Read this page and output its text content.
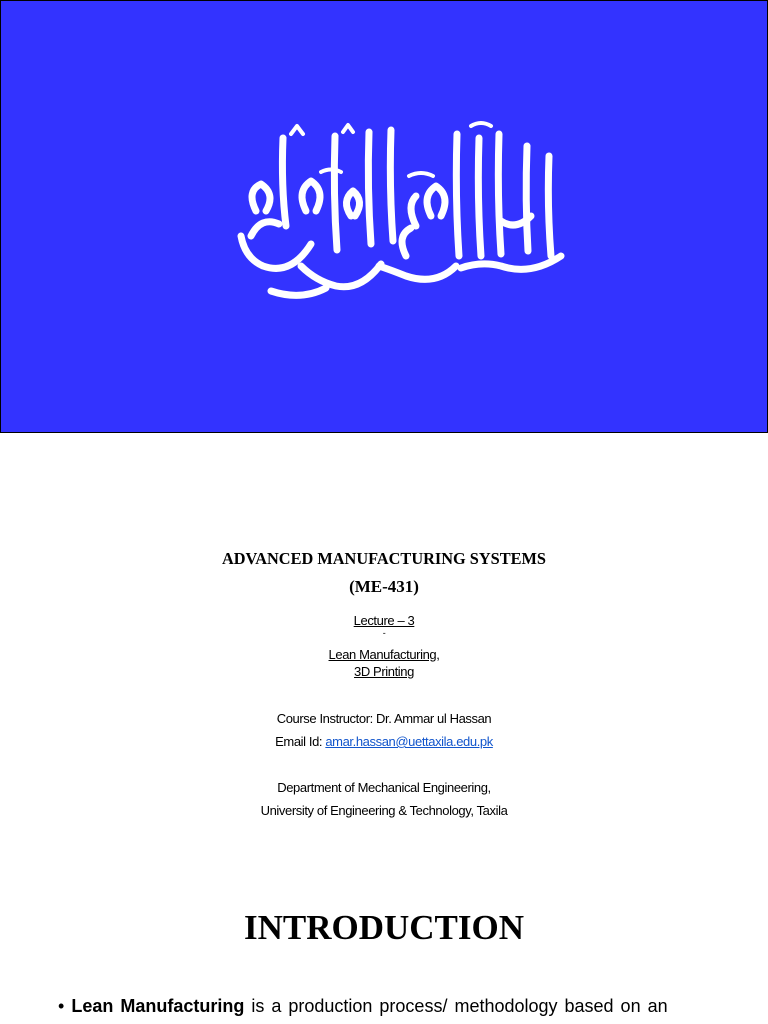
ADVANCED MANUFACTURING SYSTEMS
(ME-431)
Lecture – 3
-
Lean Manufacturing,
3D Printing
Course Instructor: Dr. Ammar ul Hassan
Email Id: amar.hassan@uettaxila.edu.pk
Department of Mechanical Engineering,
University of Engineering & Technology, Taxila
INTRODUCTION
• Lean Manufacturing is a production process/ methodology based on an
